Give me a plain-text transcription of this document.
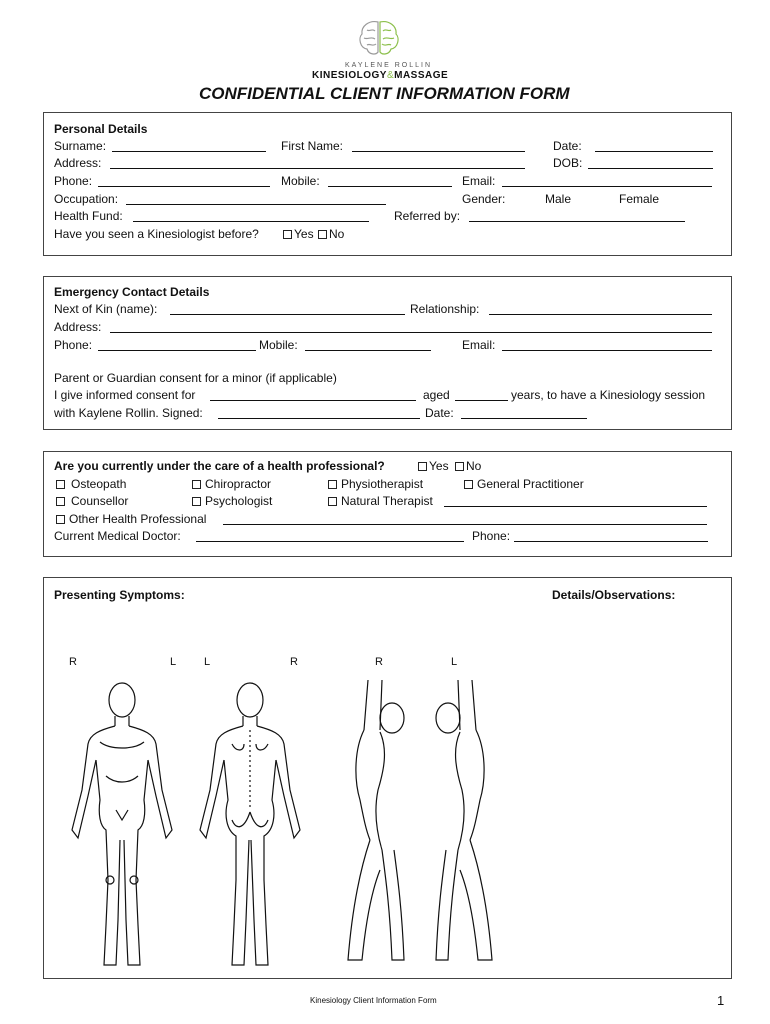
KAYLENE ROLLIN
KINESIOLOGY&MASSAGE
CONFIDENTIAL CLIENT INFORMATION FORM
Personal Details
Surname:	First Name:	Date:
Address:	DOB:
Phone:	Mobile:	Email:
Occupation:	Gender:	Male	Female
Health Fund:	Referred by:
Have you seen a Kinesiologist before?	Yes No
Emergency Contact Details
Next of Kin (name):	Relationship:
Address:
Phone:	Mobile:	Email:
Parent or Guardian consent for a minor (if applicable)
I give informed consent for	aged	years, to have a Kinesiology session
with Kaylene Rollin. Signed:	Date:
Are you currently under the care of a health professional?	Yes No
Osteopath	Chiropractor	Physiotherapist	General Practitioner
Counsellor	Psychologist	Natural Therapist
Other Health Professional
Current Medical Doctor:	Phone:
Presenting Symptoms:	Details/Observations:
R	L	L	R	R	L
Kinesiology Client Information Form	1
